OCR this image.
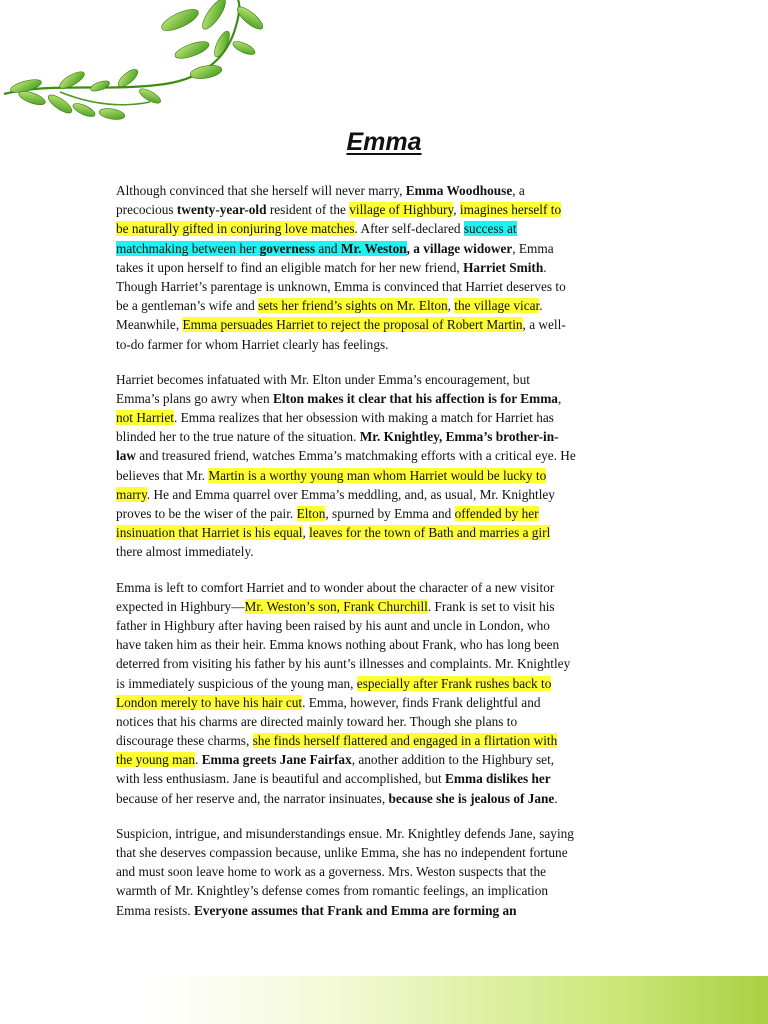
Emma
Although convinced that she herself will never marry, Emma Woodhouse, a
precocious twenty-year-old resident of the village of Highbury, imagines herself to
be naturally gifted in conjuring love matches. After self-declared success at
matchmaking between her governess and Mr. Weston, a village widower, Emma
takes it upon herself to find an eligible match for her new friend, Harriet Smith.
Though Harriet’s parentage is unknown, Emma is convinced that Harriet deserves to
be a gentleman’s wife and sets her friend’s sights on Mr. Elton, the village vicar.
Meanwhile, Emma persuades Harriet to reject the proposal of Robert Martin, a well-
to-do farmer for whom Harriet clearly has feelings.
Harriet becomes infatuated with Mr. Elton under Emma’s encouragement, but
Emma’s plans go awry when Elton makes it clear that his affection is for Emma,
not Harriet. Emma realizes that her obsession with making a match for Harriet has
blinded her to the true nature of the situation. Mr. Knightley, Emma’s brother-in-
law and treasured friend, watches Emma’s matchmaking efforts with a critical eye. He
believes that Mr. Martin is a worthy young man whom Harriet would be lucky to
marry. He and Emma quarrel over Emma’s meddling, and, as usual, Mr. Knightley
proves to be the wiser of the pair. Elton, spurned by Emma and offended by her
insinuation that Harriet is his equal, leaves for the town of Bath and marries a girl
there almost immediately.
Emma is left to comfort Harriet and to wonder about the character of a new visitor
expected in Highbury—Mr. Weston’s son, Frank Churchill. Frank is set to visit his
father in Highbury after having been raised by his aunt and uncle in London, who
have taken him as their heir. Emma knows nothing about Frank, who has long been
deterred from visiting his father by his aunt’s illnesses and complaints. Mr. Knightley
is immediately suspicious of the young man, especially after Frank rushes back to
London merely to have his hair cut. Emma, however, finds Frank delightful and
notices that his charms are directed mainly toward her. Though she plans to
discourage these charms, she finds herself flattered and engaged in a flirtation with
the young man. Emma greets Jane Fairfax, another addition to the Highbury set,
with less enthusiasm. Jane is beautiful and accomplished, but Emma dislikes her
because of her reserve and, the narrator insinuates, because she is jealous of Jane.
Suspicion, intrigue, and misunderstandings ensue. Mr. Knightley defends Jane, saying
that she deserves compassion because, unlike Emma, she has no independent fortune
and must soon leave home to work as a governess. Mrs. Weston suspects that the
warmth of Mr. Knightley’s defense comes from romantic feelings, an implication
Emma resists. Everyone assumes that Frank and Emma are forming an
